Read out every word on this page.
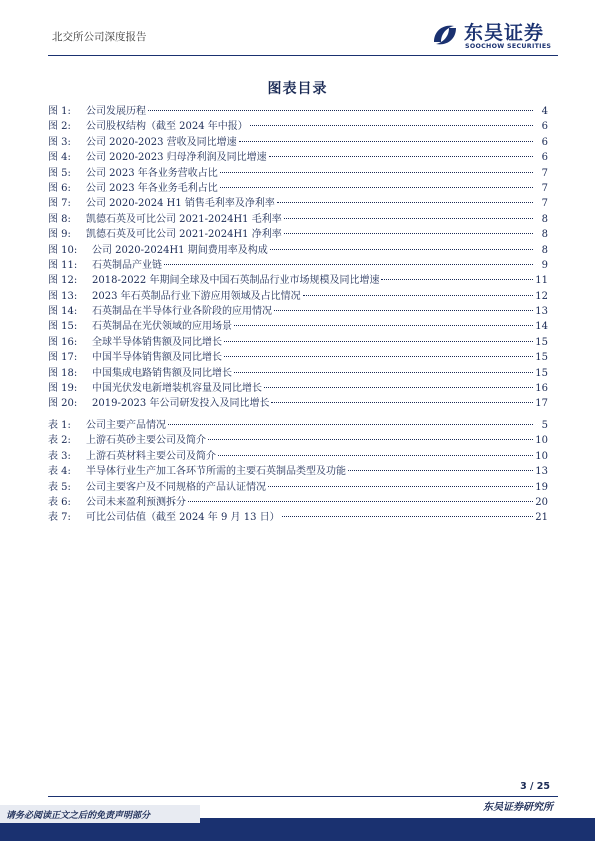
北交所公司深度报告	东吴证券
SOOCHOW SECURITIES
图表目录
图 1: 公司发展历程	4
图 2: 公司股权结构（截至 2024 年中报）	6
图 3: 公司 2020-2023 营收及同比增速	6
图 4: 公司 2020-2023 归母净利润及同比增速	6
图 5: 公司 2023 年各业务营收占比	7
图 6: 公司 2023 年各业务毛利占比	7
图 7: 公司 2020-2024 H1 销售毛利率及净利率	7
图 8: 凯德石英及可比公司 2021-2024H1 毛利率	8
图 9: 凯德石英及可比公司 2021-2024H1 净利率	8
图 10: 公司 2020-2024H1 期间费用率及构成	8
图 11: 石英制品产业链	9
图 12: 2018-2022 年期间全球及中国石英制品行业市场规模及同比增速	11
图 13: 2023 年石英制品行业下游应用领域及占比情况	12
图 14: 石英制品在半导体行业各阶段的应用情况	13
图 15: 石英制品在光伏领域的应用场景	14
图 16: 全球半导体销售额及同比增长	15
图 17: 中国半导体销售额及同比增长	15
图 18: 中国集成电路销售额及同比增长	15
图 19: 中国光伏发电新增装机容量及同比增长	16
图 20: 2019-2023 年公司研发投入及同比增长	17
表 1: 公司主要产品情况	5
表 2: 上游石英砂主要公司及简介	10
表 3: 上游石英材料主要公司及简介	10
表 4: 半导体行业生产加工各环节所需的主要石英制品类型及功能	13
表 5: 公司主要客户及不同规格的产品认证情况	19
表 6: 公司未来盈利预测拆分	20
表 7: 可比公司估值（截至 2024 年 9 月 13 日）	21
3 / 25
请务必阅读正文之后的免责声明部分
东吴证券研究所
